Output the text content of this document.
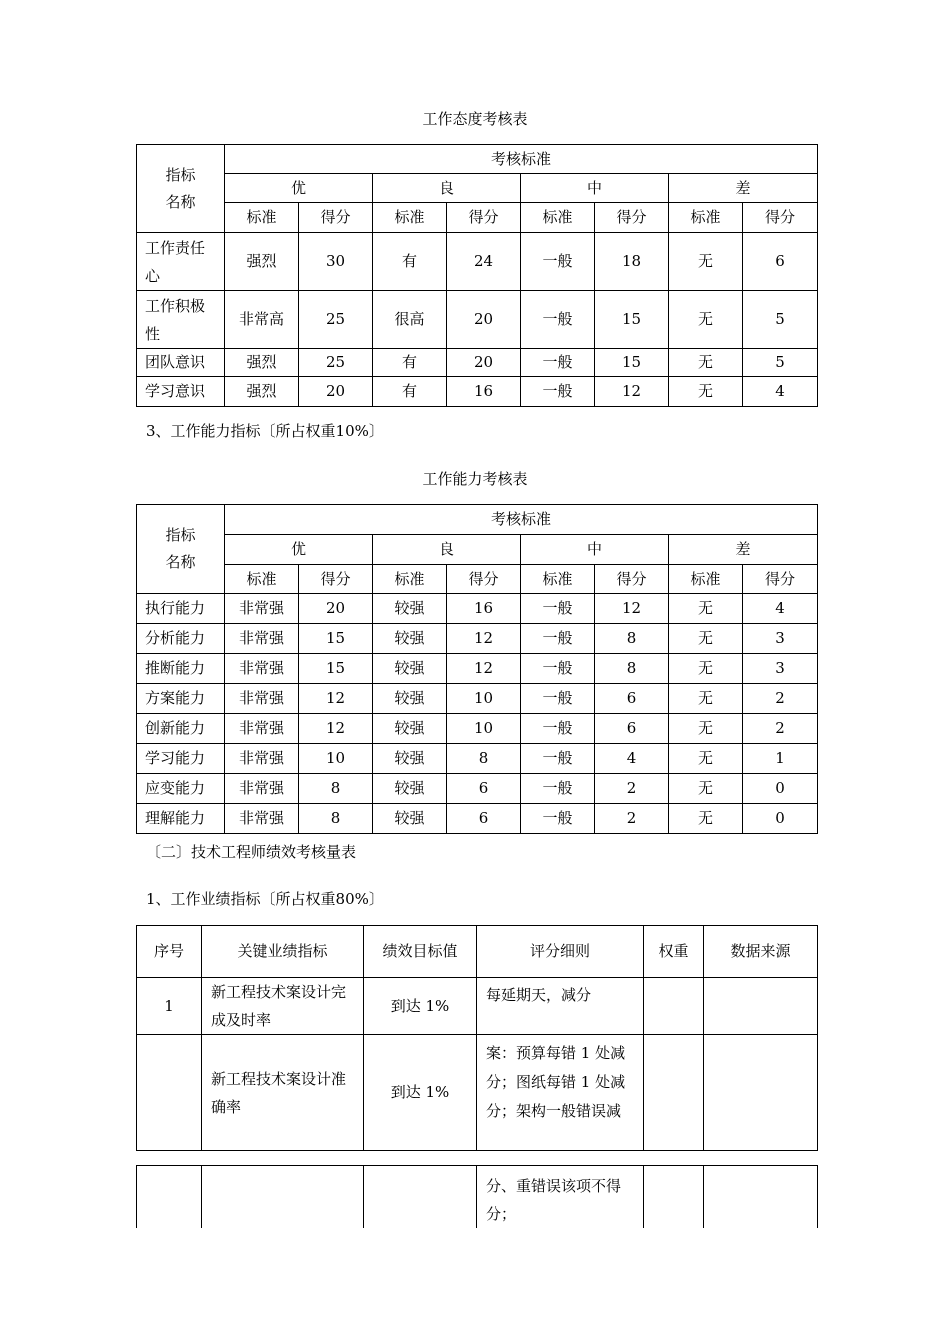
工作态度考核表
指标
名称	考核标准							
	优		良		中		差	
	标准	得分	标准	得分	标准	得分	标准	得分
工作责任心	强烈	30	有	24	一般	18	无	6
工作积极性	非常高	25	很高	20	一般	15	无	5
团队意识	强烈	25	有	20	一般	15	无	5
学习意识	强烈	20	有	16	一般	12	无	4
3、工作能力指标〔所占权重10%〕
工作能力考核表
指标
名称	考核标准							
	优		良		中		差	
	标准	得分	标准	得分	标准	得分	标准	得分
执行能力	非常强	20	较强	16	一般	12	无	4
分析能力	非常强	15	较强	12	一般	8	无	3
推断能力	非常强	15	较强	12	一般	8	无	3
方案能力	非常强	12	较强	10	一般	6	无	2
创新能力	非常强	12	较强	10	一般	6	无	2
学习能力	非常强	10	较强	8	一般	4	无	1
应变能力	非常强	8	较强	6	一般	2	无	0
理解能力	非常强	8	较强	6	一般	2	无	0
〔二〕技术工程师绩效考核量表
1、工作业绩指标〔所占权重80%〕
序号	关键业绩指标	绩效目标值	评分细则	权重	数据来源
1	新工程技术案设计完成及时率	到达 1%	每延期天，减分		
	新工程技术案设计准确率	到达 1%	案：预算每错 1 处减分；图纸每错 1 处减分；架构一般错误减		
			分、重错误该项不得分；		
